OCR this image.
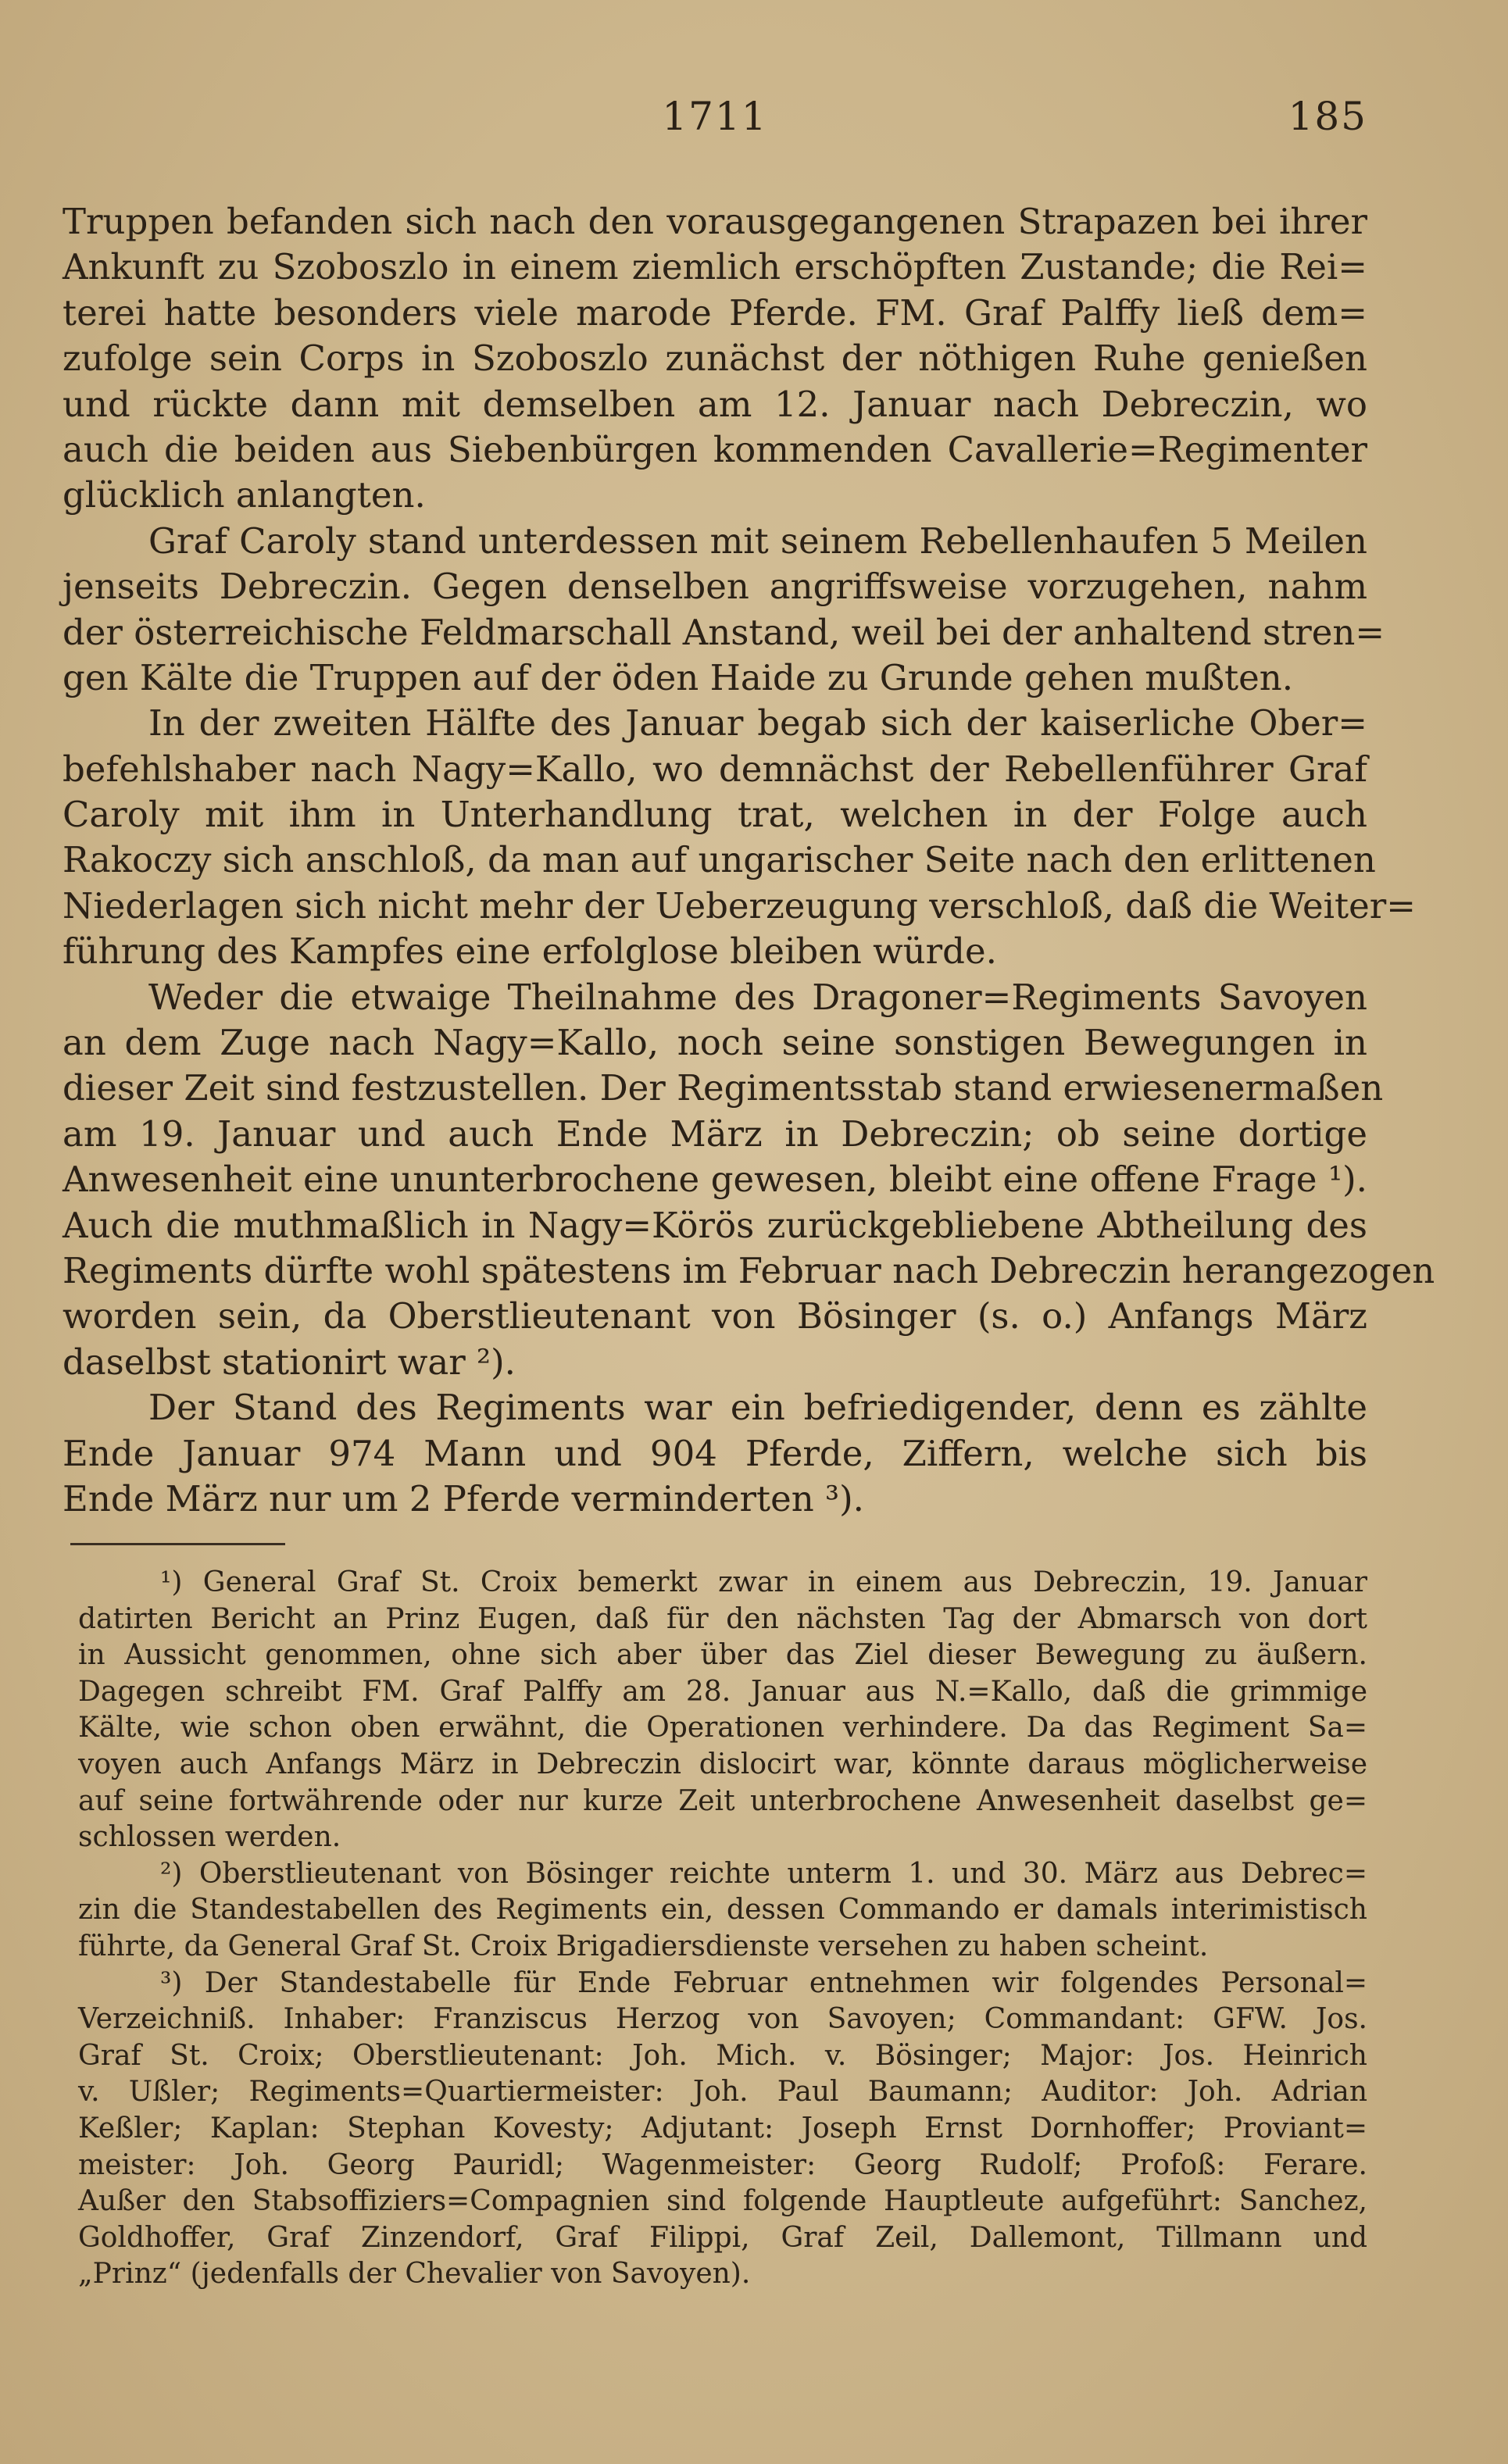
1711	185
Truppen befanden sich nach den vorausgegangenen Strapazen bei ihrer
Ankunft zu Szoboszlo in einem ziemlich erschöpften Zustande; die Rei=
terei hatte besonders viele marode Pferde. FM. Graf Palffy ließ dem=
zufolge sein Corps in Szoboszlo zunächst der nöthigen Ruhe genießen
und rückte dann mit demselben am 12. Januar nach Debreczin, wo
auch die beiden aus Siebenbürgen kommenden Cavallerie=Regimenter
glücklich anlangten.
Graf Caroly stand unterdessen mit seinem Rebellenhaufen 5 Meilen
jenseits Debreczin. Gegen denselben angriffsweise vorzugehen, nahm
der österreichische Feldmarschall Anstand, weil bei der anhaltend stren=
gen Kälte die Truppen auf der öden Haide zu Grunde gehen mußten.
In der zweiten Hälfte des Januar begab sich der kaiserliche Ober=
befehlshaber nach Nagy=Kallo, wo demnächst der Rebellenführer Graf
Caroly mit ihm in Unterhandlung trat, welchen in der Folge auch
Rakoczy sich anschloß, da man auf ungarischer Seite nach den erlittenen
Niederlagen sich nicht mehr der Ueberzeugung verschloß, daß die Weiter=
führung des Kampfes eine erfolglose bleiben würde.
Weder die etwaige Theilnahme des Dragoner=Regiments Savoyen
an dem Zuge nach Nagy=Kallo, noch seine sonstigen Bewegungen in
dieser Zeit sind festzustellen. Der Regimentsstab stand erwiesenermaßen
am 19. Januar und auch Ende März in Debreczin; ob seine dortige
Anwesenheit eine ununterbrochene gewesen, bleibt eine offene Frage ¹).
Auch die muthmaßlich in Nagy=Körös zurückgebliebene Abtheilung des
Regiments dürfte wohl spätestens im Februar nach Debreczin herangezogen
worden sein, da Oberstlieutenant von Bösinger (s. o.) Anfangs März
daselbst stationirt war ²).
Der Stand des Regiments war ein befriedigender, denn es zählte
Ende Januar 974 Mann und 904 Pferde, Ziffern, welche sich bis
Ende März nur um 2 Pferde verminderten ³).
¹) General Graf St. Croix bemerkt zwar in einem aus Debreczin, 19. Januar
datirten Bericht an Prinz Eugen, daß für den nächsten Tag der Abmarsch von dort
in Aussicht genommen, ohne sich aber über das Ziel dieser Bewegung zu äußern.
Dagegen schreibt FM. Graf Palffy am 28. Januar aus N.=Kallo, daß die grimmige
Kälte, wie schon oben erwähnt, die Operationen verhindere. Da das Regiment Sa=
voyen auch Anfangs März in Debreczin dislocirt war, könnte daraus möglicherweise
auf seine fortwährende oder nur kurze Zeit unterbrochene Anwesenheit daselbst ge=
schlossen werden.
²) Oberstlieutenant von Bösinger reichte unterm 1. und 30. März aus Debrec=
zin die Standestabellen des Regiments ein, dessen Commando er damals interimistisch
führte, da General Graf St. Croix Brigadiersdienste versehen zu haben scheint.
³) Der Standestabelle für Ende Februar entnehmen wir folgendes Personal=
Verzeichniß. Inhaber: Franziscus Herzog von Savoyen; Commandant: GFW. Jos.
Graf St. Croix; Oberstlieutenant: Joh. Mich. v. Bösinger; Major: Jos. Heinrich
v. Ußler; Regiments=Quartiermeister: Joh. Paul Baumann; Auditor: Joh. Adrian
Keßler; Kaplan: Stephan Kovesty; Adjutant: Joseph Ernst Dornhoffer; Proviant=
meister: Joh. Georg Pauridl; Wagenmeister: Georg Rudolf; Profoß: Ferare.
Außer den Stabsoffiziers=Compagnien sind folgende Hauptleute aufgeführt: Sanchez,
Goldhoffer, Graf Zinzendorf, Graf Filippi, Graf Zeil, Dallemont, Tillmann und
„Prinz“ (jedenfalls der Chevalier von Savoyen).
